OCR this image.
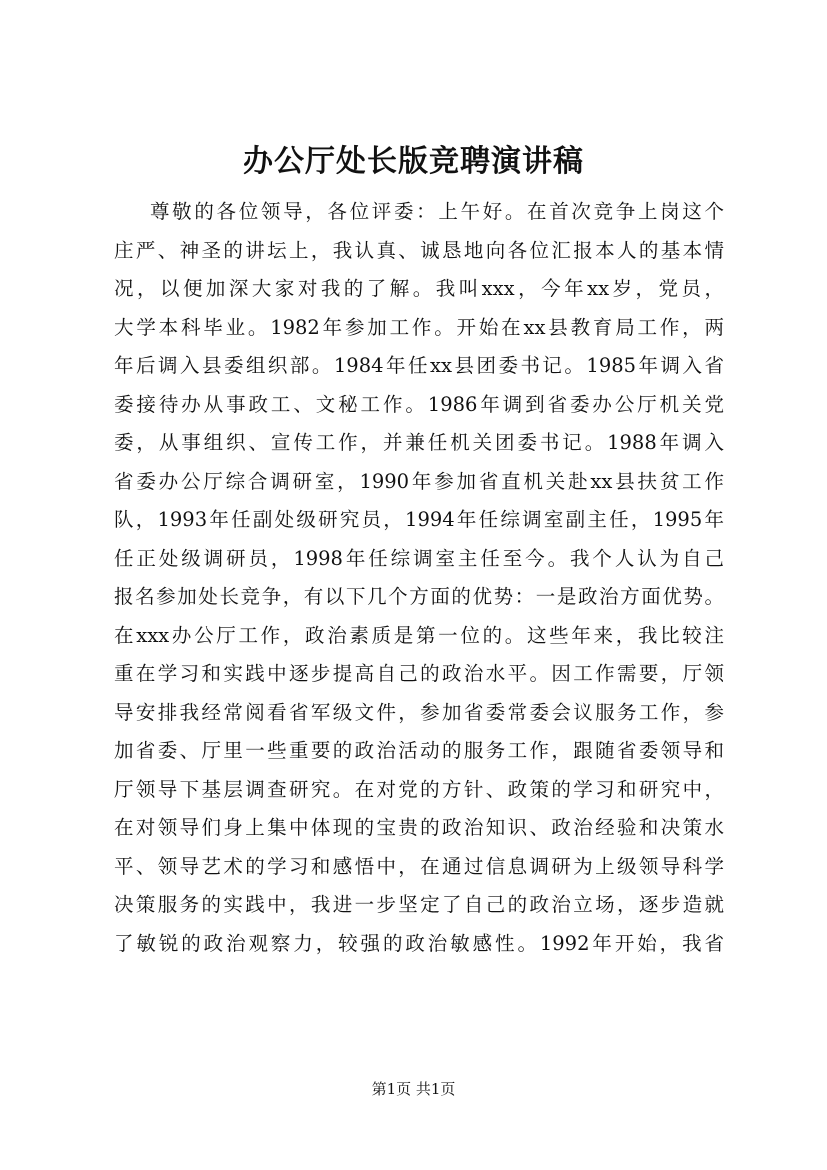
办公厅处长版竞聘演讲稿
尊敬的各位领导，各位评委：上午好。在首次竞争上岗这个
庄严、神圣的讲坛上，我认真、诚恳地向各位汇报本人的基本情
况，以便加深大家对我的了解。我叫xxx，今年xx岁，党员，
大学本科毕业。1982年参加工作。开始在xx县教育局工作，两
年后调入县委组织部。1984年任xx县团委书记。1985年调入省
委接待办从事政工、文秘工作。1986年调到省委办公厅机关党
委，从事组织、宣传工作，并兼任机关团委书记。1988年调入
省委办公厅综合调研室，1990年参加省直机关赴xx县扶贫工作
队，1993年任副处级研究员，1994年任综调室副主任，1995年
任正处级调研员，1998年任综调室主任至今。我个人认为自己
报名参加处长竞争，有以下几个方面的优势：一是政治方面优势。
在xxx办公厅工作，政治素质是第一位的。这些年来，我比较注
重在学习和实践中逐步提高自己的政治水平。因工作需要，厅领
导安排我经常阅看省军级文件，参加省委常委会议服务工作，参
加省委、厅里一些重要的政治活动的服务工作，跟随省委领导和
厅领导下基层调查研究。在对党的方针、政策的学习和研究中，
在对领导们身上集中体现的宝贵的政治知识、政治经验和决策水
平、领导艺术的学习和感悟中，在通过信息调研为上级领导科学
决策服务的实践中，我进一步坚定了自己的政治立场，逐步造就
了敏锐的政治观察力，较强的政治敏感性。1992年开始，我省
第1页 共1页
